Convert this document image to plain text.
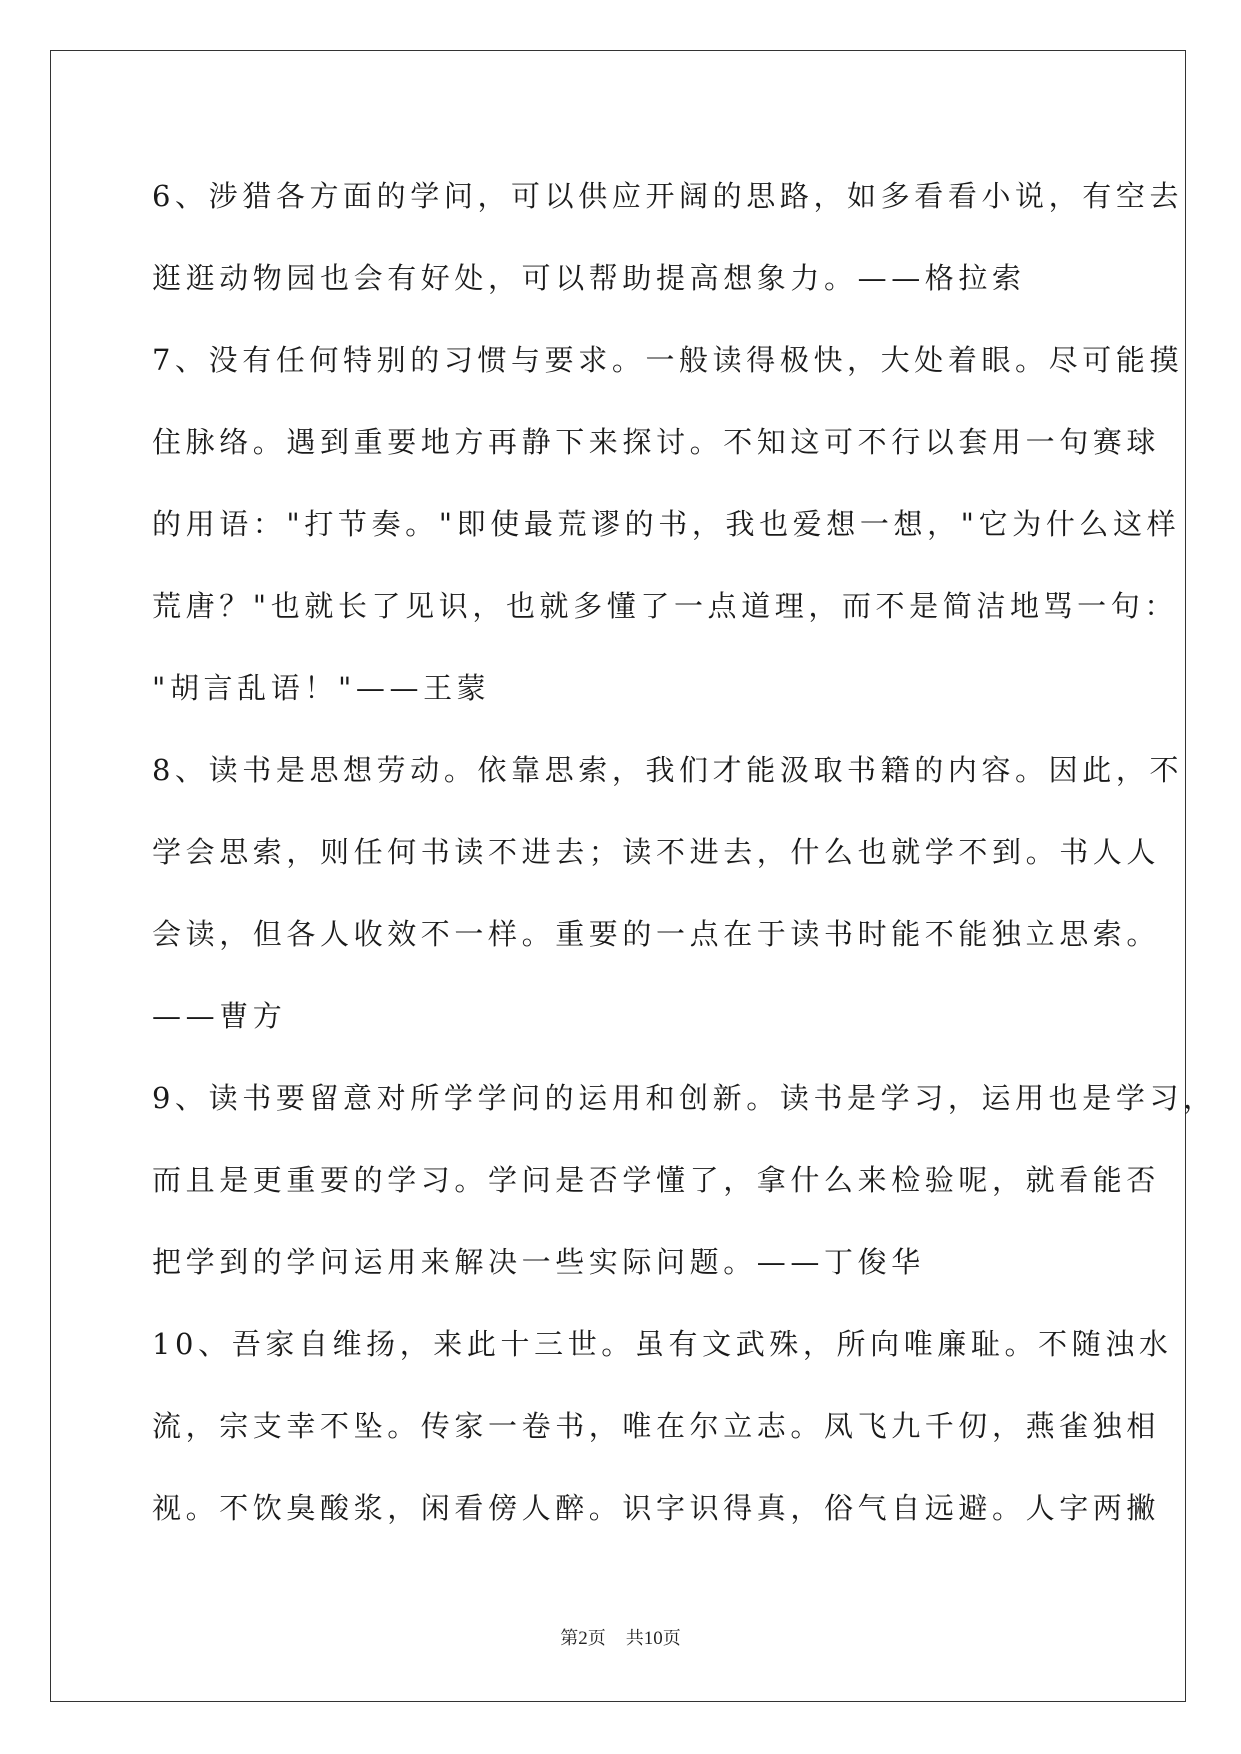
6、涉猎各方面的学问，可以供应开阔的思路，如多看看小说，有空去
逛逛动物园也会有好处，可以帮助提高想象力。——格拉索
7、没有任何特别的习惯与要求。一般读得极快，大处着眼。尽可能摸
住脉络。遇到重要地方再静下来探讨。不知这可不行以套用一句赛球
的用语："打节奏。"即使最荒谬的书，我也爱想一想，"它为什么这样
荒唐？"也就长了见识，也就多懂了一点道理，而不是简洁地骂一句：
"胡言乱语！"——王蒙
8、读书是思想劳动。依靠思索，我们才能汲取书籍的内容。因此，不
学会思索，则任何书读不进去；读不进去，什么也就学不到。书人人
会读，但各人收效不一样。重要的一点在于读书时能不能独立思索。
——曹方
9、读书要留意对所学学问的运用和创新。读书是学习，运用也是学习，
而且是更重要的学习。学问是否学懂了，拿什么来检验呢，就看能否
把学到的学问运用来解决一些实际问题。——丁俊华
10、吾家自维扬，来此十三世。虽有文武殊，所向唯廉耻。不随浊水
流，宗支幸不坠。传家一卷书，唯在尔立志。凤飞九千仞，燕雀独相
视。不饮臭酸浆，闲看傍人醉。识字识得真，俗气自远避。人字两撇
第2页 共10页
